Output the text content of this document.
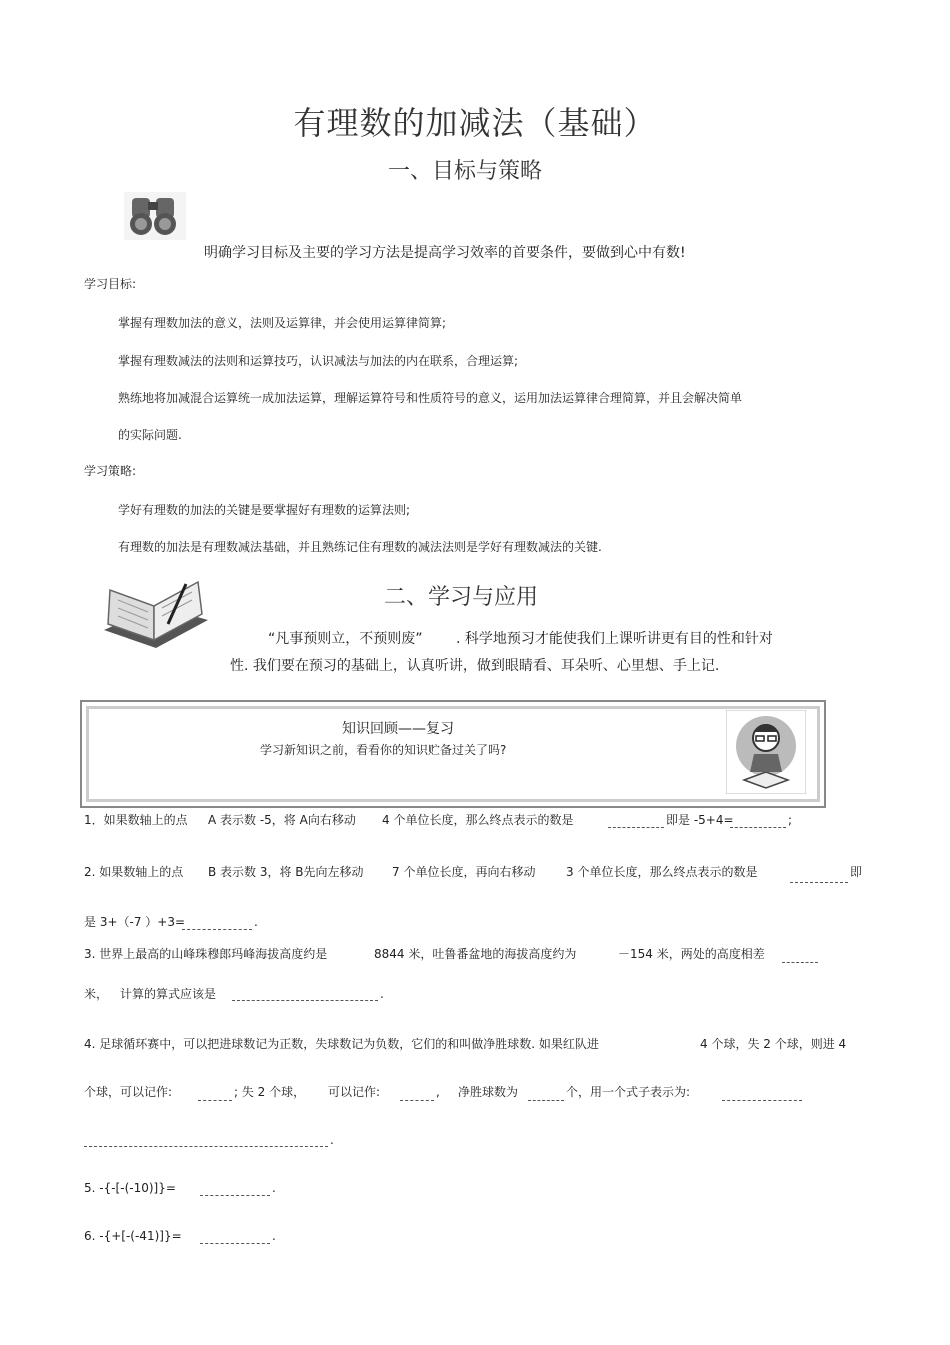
有理数的加减法（基础）
一、目标与策略
明确学习目标及主要的学习方法是提高学习效率的首要条件，要做到心中有数!
学习目标:
掌握有理数加法的意义，法则及运算律，并会使用运算律简算;
掌握有理数减法的法则和运算技巧，认识减法与加法的内在联系，合理运算;
熟练地将加减混合运算统一成加法运算，理解运算符号和性质符号的意义，运用加法运算律合理简算，并且会解决简单
的实际问题.
学习策略:
学好有理数的加法的关键是要掌握好有理数的运算法则;
有理数的加法是有理数减法基础，并且熟练记住有理数的减法法则是学好有理数减法的关键.
二、学习与应用
“凡事预则立，不预则废” . 科学地预习才能使我们上课听讲更有目的性和针对
性. 我们要在预习的基础上，认真听讲，做到眼睛看、耳朵听、心里想、手上记.
知识回顾——复习
学习新知识之前，看看你的知识贮备过关了吗?
1．如果数轴上的点 A 表示数 -5，将 A向右移动 4 个单位长度，那么终点表示的数是	即是 -5+4=	;
2. 如果数轴上的点 B 表示数 3，将 B先向左移动 7 个单位长度，再向右移动	3 个单位长度，那么终点表示的数是	即
是 3+（-7 ）+3=	.
3. 世界上最高的山峰珠穆郎玛峰海拔高度约是	8844 米，吐鲁番盆地的海拔高度约为	－154 米，两处的高度相差
米， 计算的算式应该是	.
4. 足球循环赛中，可以把进球数记为正数，失球数记为负数，它们的和叫做净胜球数. 如果红队进	4 个球，失 2 个球，则进 4
个球，可以记作:	; 失 2 个球， 可以记作:	, 净胜球数为	个，用一个式子表示为:
.
5. -{-[-(-10)]}=	.
6. -{+[-(-41)]}=	.
